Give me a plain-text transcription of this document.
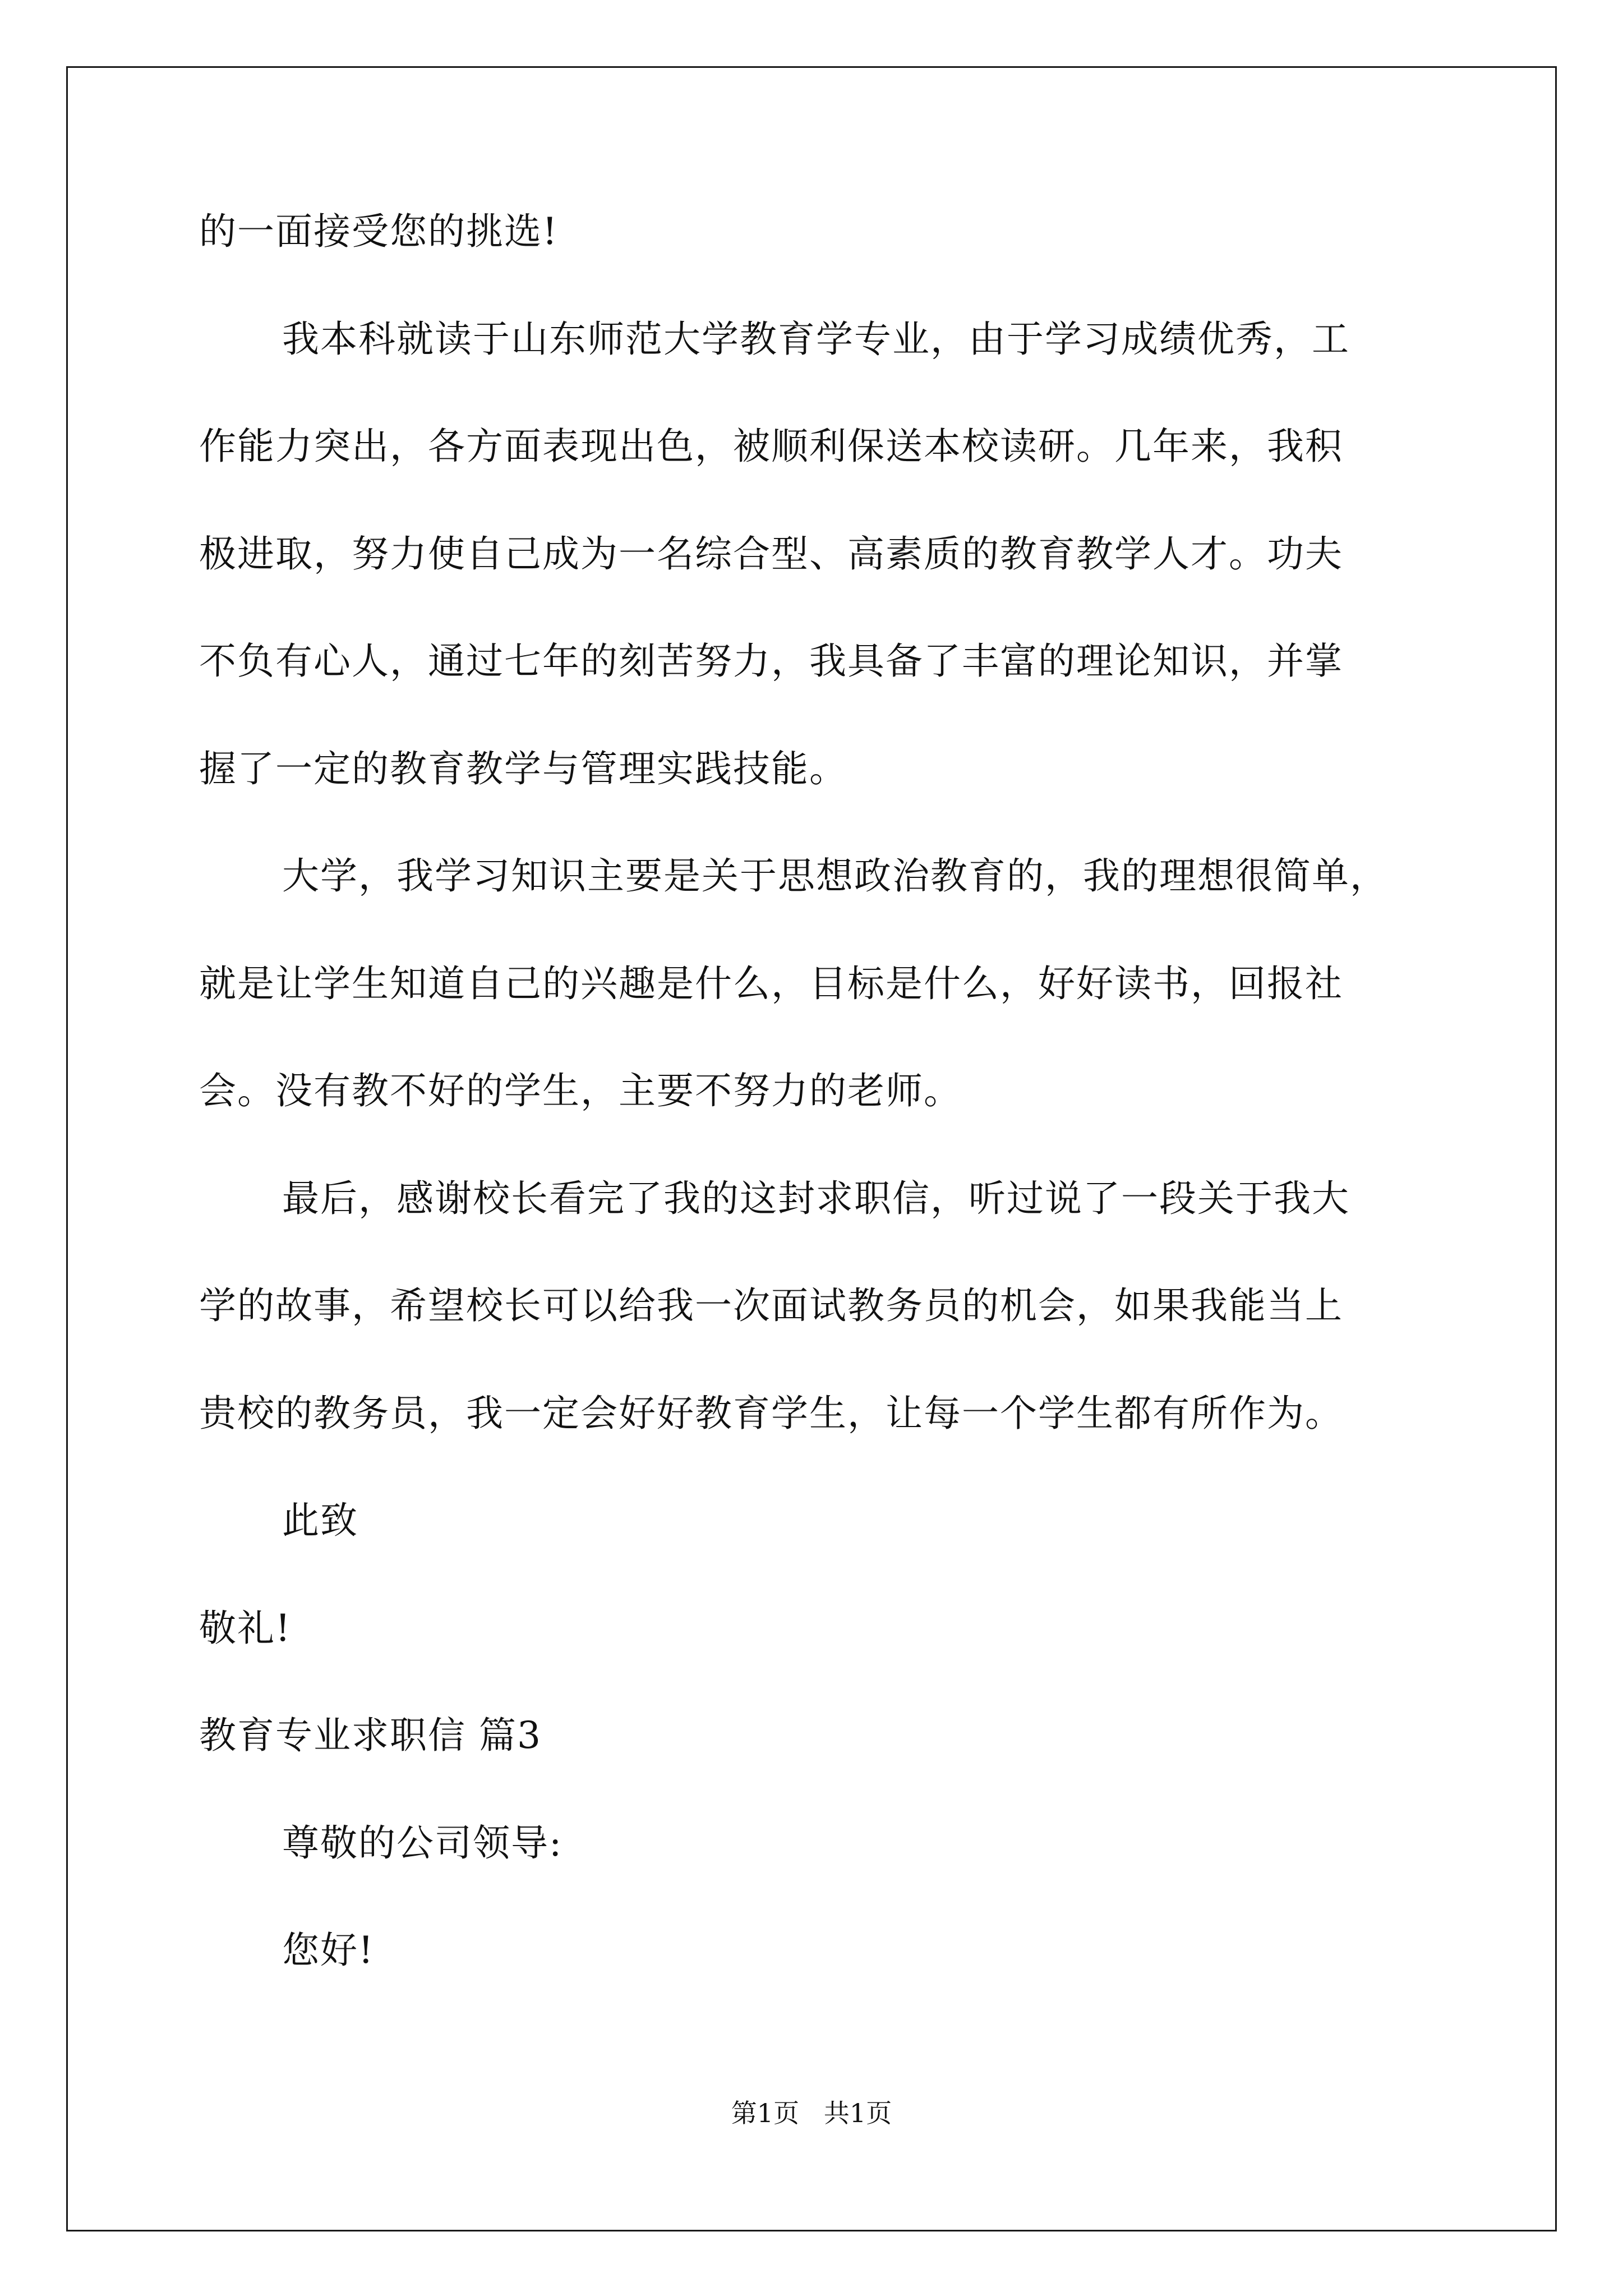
的一面接受您的挑选!
我本科就读于山东师范大学教育学专业，由于学习成绩优秀，工
作能力突出，各方面表现出色，被顺利保送本校读研。几年来，我积
极进取，努力使自己成为一名综合型、高素质的教育教学人才。功夫
不负有心人，通过七年的刻苦努力，我具备了丰富的理论知识，并掌
握了一定的教育教学与管理实践技能。
大学，我学习知识主要是关于思想政治教育的，我的理想很简单，
就是让学生知道自己的兴趣是什么，目标是什么，好好读书，回报社
会。没有教不好的学生，主要不努力的老师。
最后，感谢校长看完了我的这封求职信，听过说了一段关于我大
学的故事，希望校长可以给我一次面试教务员的机会，如果我能当上
贵校的教务员，我一定会好好教育学生，让每一个学生都有所作为。
此致
敬礼!
教育专业求职信 篇3
尊敬的公司领导:
您好!
第1页   共1页
